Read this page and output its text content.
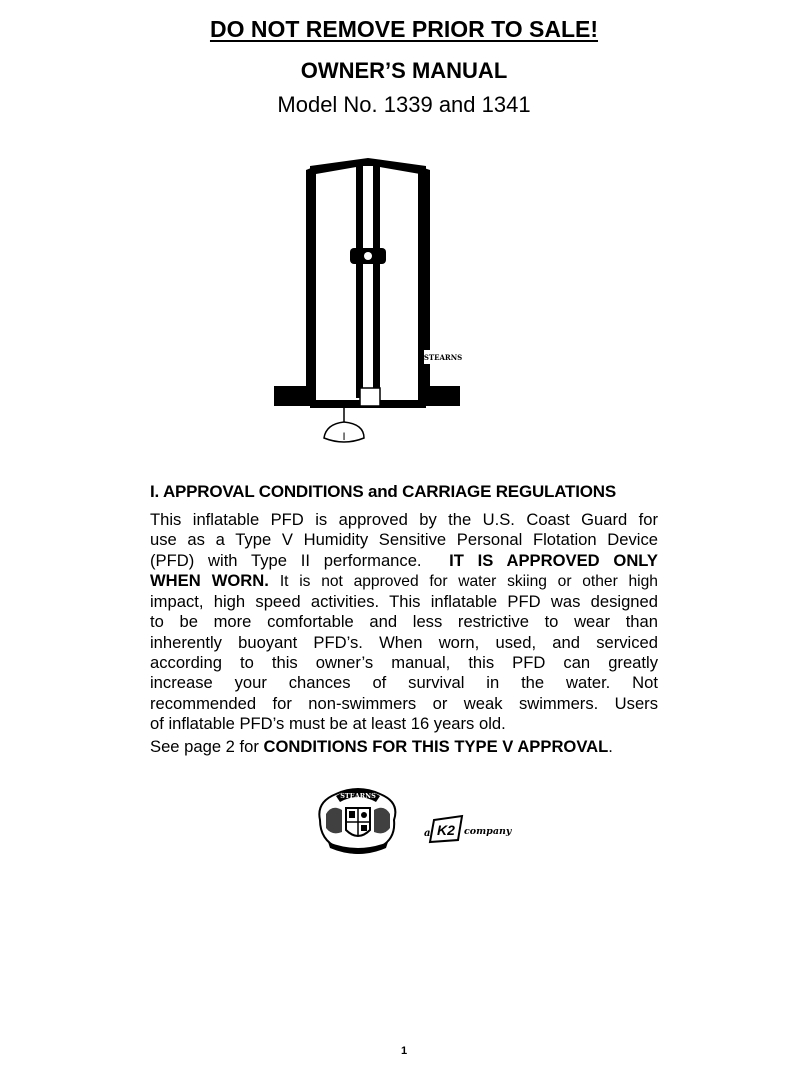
DO NOT REMOVE PRIOR TO SALE!
OWNER’S MANUAL
Model No. 1339 and 1341
STEARNS
I
I. APPROVAL CONDITIONS and CARRIAGE REGULATIONS
This inflatable PFD is approved by the U.S. Coast Guard for
use as a Type V Humidity Sensitive Personal Flotation Device
(PFD) with Type II performance. IT IS APPROVED ONLY
WHEN WORN. It is not approved for water skiing or other high
impact, high speed activities. This inflatable PFD was designed
to be more comfortable and less restrictive to wear than
inherently buoyant PFD’s. When worn, used, and serviced
according to this owner’s manual, this PFD can greatly
increase your chances of survival in the water. Not
recommended for non-swimmers or weak swimmers. Users
of inflatable PFD’s must be at least 16 years old.
See page 2 for CONDITIONS FOR THIS TYPE V APPROVAL.
STEARNS
a K2 company
1
